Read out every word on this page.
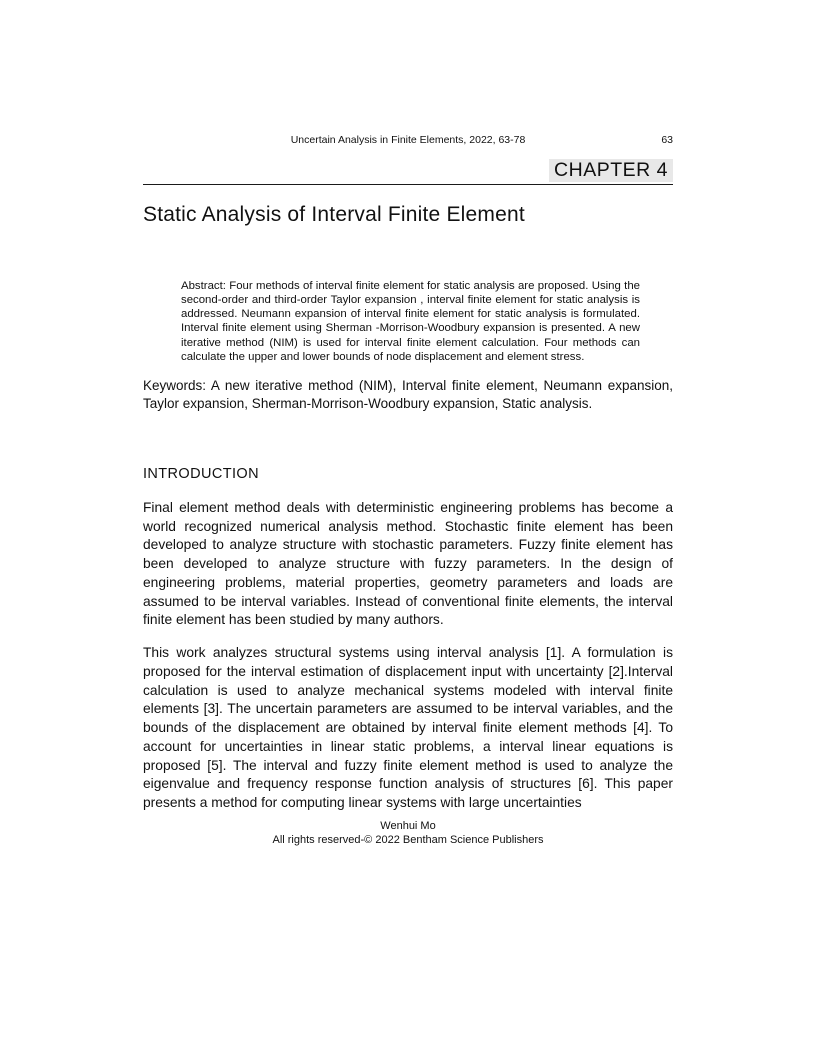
Uncertain Analysis in Finite Elements, 2022, 63-78	63
CHAPTER 4
Static Analysis of Interval Finite Element

Abstract: Four methods of interval finite element for static analysis are proposed. Using the second-order and third-order Taylor expansion , interval finite element for static analysis is addressed. Neumann expansion of interval finite element for static analysis is formulated. Interval finite element using Sherman -Morrison-Woodbury expansion is presented. A new iterative method (NIM) is used for interval finite element calculation. Four methods can calculate the upper and lower bounds of node displacement and element stress.

Keywords: A new iterative method (NIM), Interval finite element, Neumann expansion, Taylor expansion, Sherman-Morrison-Woodbury expansion, Static analysis.

INTRODUCTION

Final element method deals with deterministic engineering problems has become a world recognized numerical analysis method. Stochastic finite element has been developed to analyze structure with stochastic parameters. Fuzzy finite element has been developed to analyze structure with fuzzy parameters. In the design of engineering problems, material properties, geometry parameters and loads are assumed to be interval variables. Instead of conventional finite elements, the interval finite element has been studied by many authors.

This work analyzes structural systems using interval analysis [1]. A formulation is proposed for the interval estimation of displacement input with uncertainty [2].Interval calculation is used to analyze mechanical systems modeled with interval finite elements [3]. The uncertain parameters are assumed to be interval variables, and the bounds of the displacement are obtained by interval finite element methods [4]. To account for uncertainties in linear static problems, a interval linear equations is proposed [5]. The interval and fuzzy finite element method is used to analyze the eigenvalue and frequency response function analysis of structures [6]. This paper presents a method for computing linear systems with large uncertainties

Wenhui Mo
All rights reserved-© 2022 Bentham Science Publishers
